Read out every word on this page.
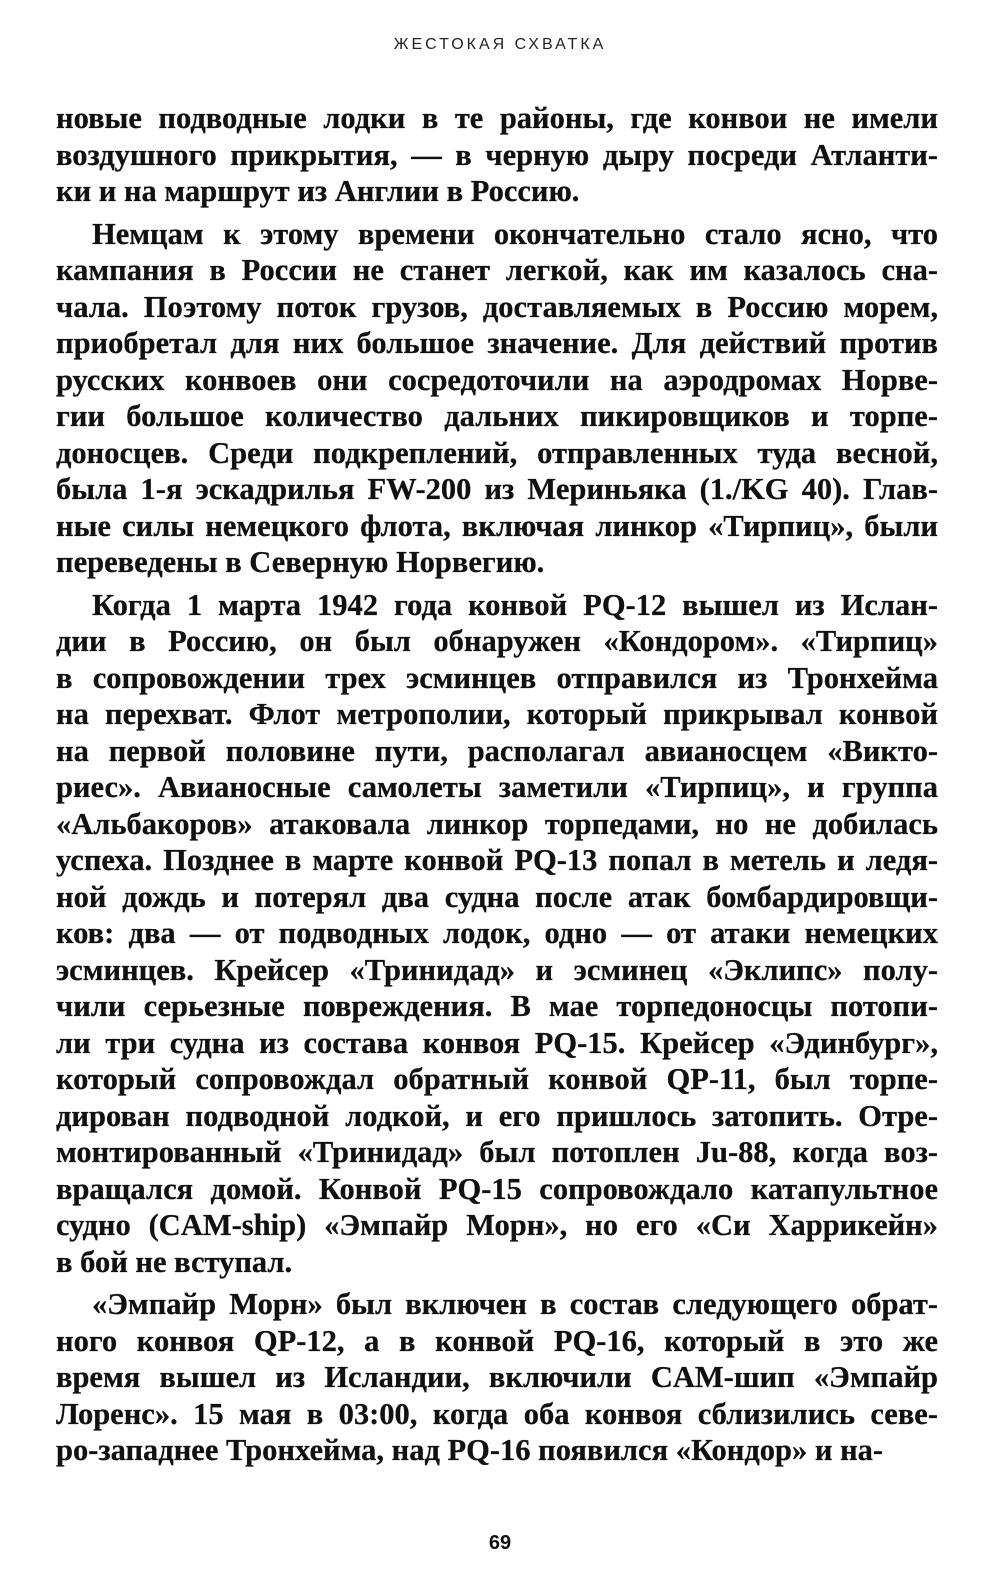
ЖЕСТОКАЯ СХВАТКА
новые подводные лодки в те районы, где конвои не имели
воздушного прикрытия, — в черную дыру посреди Атланти-
ки и на маршрут из Англии в Россию.
Немцам к этому времени окончательно стало ясно, что
кампания в России не станет легкой, как им казалось сна-
чала. Поэтому поток грузов, доставляемых в Россию морем,
приобретал для них большое значение. Для действий против
русских конвоев они сосредоточили на аэродромах Норве-
гии большое количество дальних пикировщиков и торпе-
доносцев. Среди подкреплений, отправленных туда весной,
была 1-я эскадрилья FW-200 из Мериньяка (1./KG 40). Глав-
ные силы немецкого флота, включая линкор «Тирпиц», были
переведены в Северную Норвегию.
Когда 1 марта 1942 года конвой PQ-12 вышел из Ислан-
дии в Россию, он был обнаружен «Кондором». «Тирпиц»
в сопровождении трех эсминцев отправился из Тронхейма
на перехват. Флот метрополии, который прикрывал конвой
на первой половине пути, располагал авианосцем «Викто-
риес». Авианосные самолеты заметили «Тирпиц», и группа
«Альбакоров» атаковала линкор торпедами, но не добилась
успеха. Позднее в марте конвой PQ-13 попал в метель и ледя-
ной дождь и потерял два судна после атак бомбардировщи-
ков: два — от подводных лодок, одно — от атаки немецких
эсминцев. Крейсер «Тринидад» и эсминец «Эклипс» полу-
чили серьезные повреждения. В мае торпедоносцы потопи-
ли три судна из состава конвоя PQ-15. Крейсер «Эдинбург»,
который сопровождал обратный конвой QP-11, был торпе-
дирован подводной лодкой, и его пришлось затопить. Отре-
монтированный «Тринидад» был потоплен Ju-88, когда воз-
вращался домой. Конвой PQ-15 сопровождало катапультное
судно (CAM-ship) «Эмпайр Морн», но его «Си Харрикейн»
в бой не вступал.
«Эмпайр Морн» был включен в состав следующего обрат-
ного конвоя QP-12, а в конвой PQ-16, который в это же
время вышел из Исландии, включили CAM-шип «Эмпайр
Лоренс». 15 мая в 03:00, когда оба конвоя сблизились севе-
ро-западнее Тронхейма, над PQ-16 появился «Кондор» и на-
69
